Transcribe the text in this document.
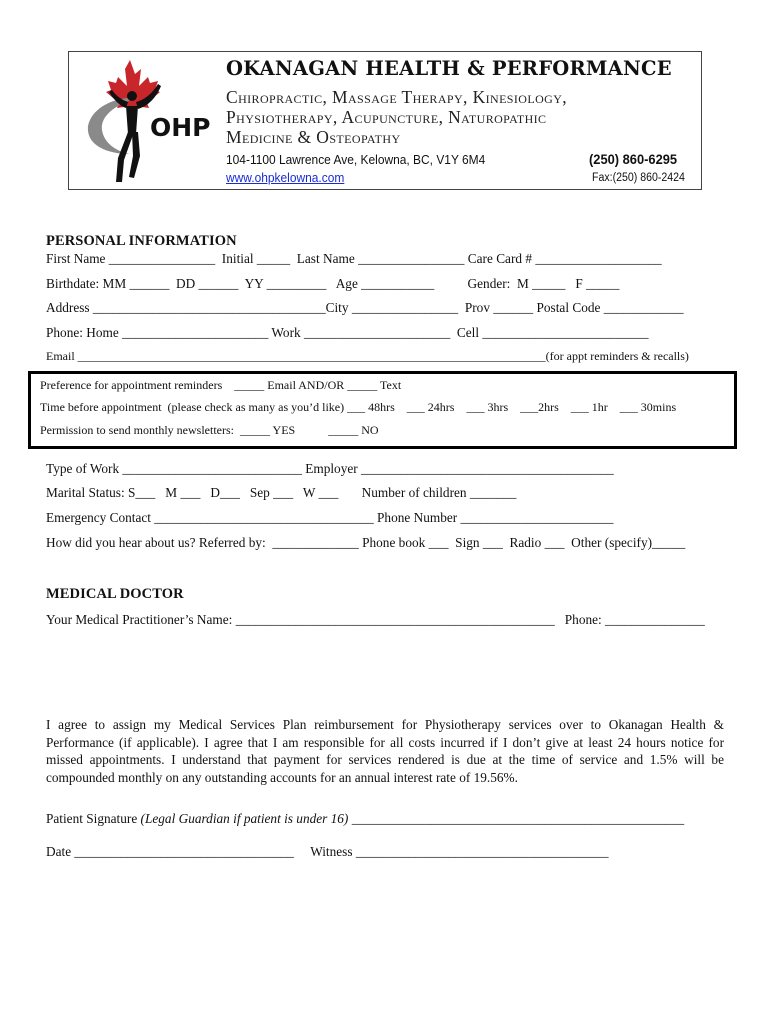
OHP
OKANAGAN HEALTH & PERFORMANCE
Chiropractic, Massage Therapy, Kinesiology,
Physiotherapy, Acupuncture, Naturopathic
Medicine & Osteopathy
104-1100 Lawrence Ave, Kelowna, BC, V1Y 6M4	(250) 860-6295
www.ohpkelowna.com	Fax:(250) 860-2424
PERSONAL INFORMATION
First Name ________________  Initial _____  Last Name ________________ Care Card # ___________________
Birthdate: MM ______  DD ______  YY _________   Age ___________          Gender:  M _____   F _____
Address ___________________________________City ________________  Prov ______ Postal Code ____________
Phone: Home ______________________ Work ______________________  Cell _________________________
Email ______________________________________________________________________________(for appt reminders & recalls)
Preference for appointment reminders    _____ Email AND/OR _____ Text
Time before appointment  (please check as many as you’d like) ___ 48hrs    ___ 24hrs    ___ 3hrs    ___2hrs    ___ 1hr    ___ 30mins
Permission to send monthly newsletters:  _____ YES           _____ NO
Type of Work ___________________________ Employer ______________________________________
Marital Status: S___   M ___   D___   Sep ___   W ___       Number of children _______
Emergency Contact _________________________________ Phone Number _______________________
How did you hear about us? Referred by:  _____________ Phone book ___  Sign ___  Radio ___  Other (specify)_____
MEDICAL DOCTOR
Your Medical Practitioner’s Name: ________________________________________________   Phone: _______________
I agree to assign my Medical Services Plan reimbursement for Physiotherapy services over to Okanagan Health & Performance (if applicable). I agree that I am responsible for all costs incurred if I don’t give at least 24 hours notice for missed appointments. I understand that payment for services rendered is due at the time of service and 1.5% will be compounded monthly on any outstanding accounts for an annual interest rate of 19.56%.
Patient Signature (Legal Guardian if patient is under 16) __________________________________________________
Date _________________________________     Witness ______________________________________
